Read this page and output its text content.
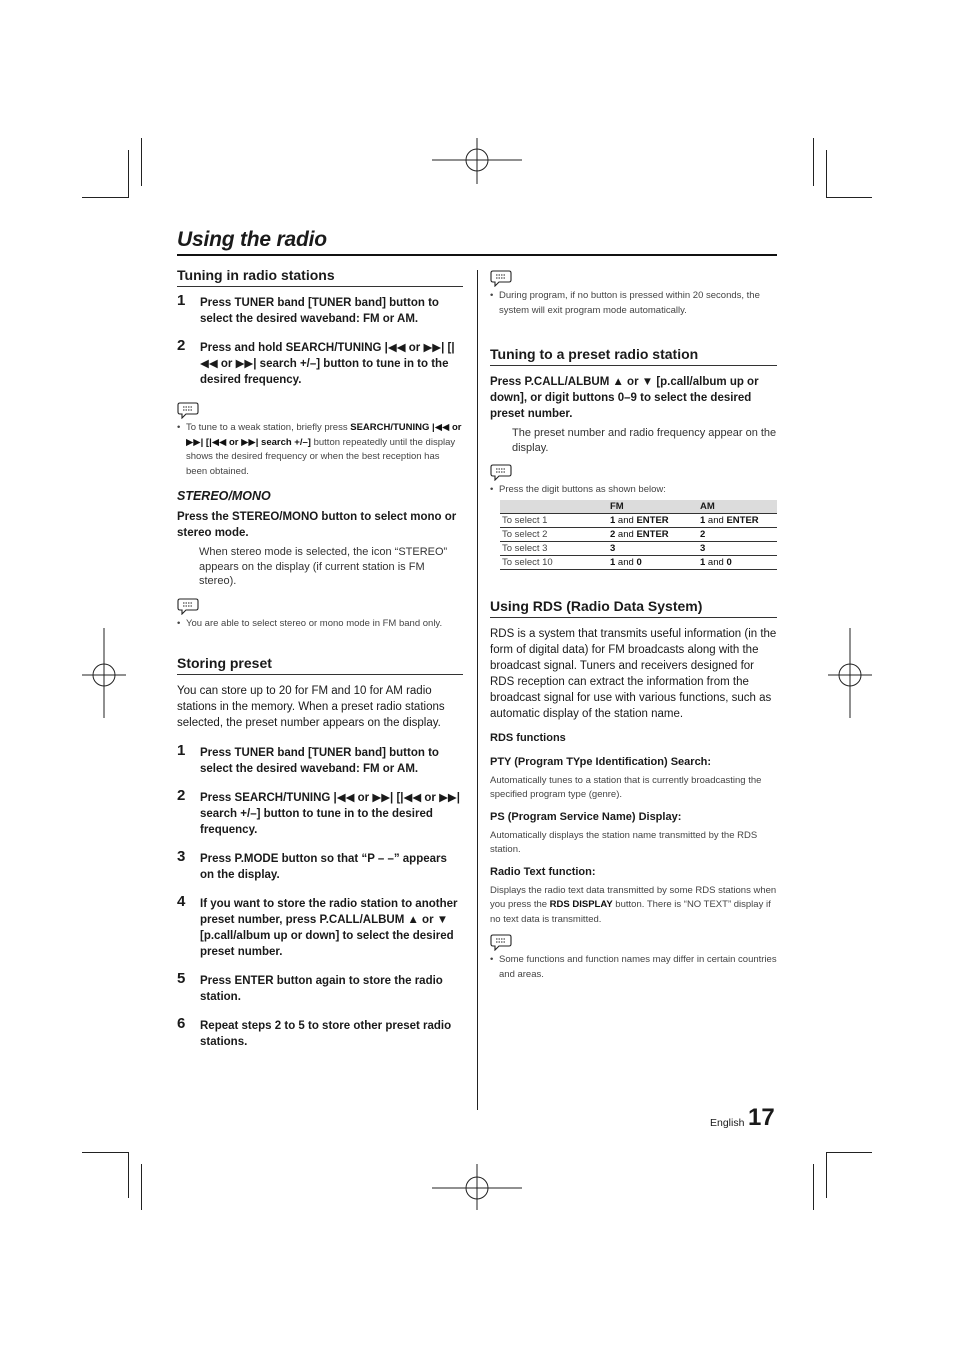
Using the radio
Tuning in radio stations
1 Press TUNER band [TUNER band] button to select the desired waveband: FM or AM.
2 Press and hold SEARCH/TUNING |◀◀ or ▶▶| [|◀◀ or ▶▶| search +/–] button to tune in to the desired frequency.
• To tune to a weak station, briefly press SEARCH/TUNING |◀◀ or ▶▶| [|◀◀ or ▶▶| search +/–] button repeatedly until the display shows the desired frequency or when the best reception has been obtained.
STEREO/MONO
Press the STEREO/MONO button to select mono or stereo mode.
When stereo mode is selected, the icon “STEREO” appears on the display (if current station is FM stereo).
• You are able to select stereo or mono mode in FM band only.
Storing preset
You can store up to 20 for FM and 10 for AM radio stations in the memory. When a preset radio stations selected, the preset number appears on the display.
1 Press TUNER band [TUNER band] button to select the desired waveband: FM or AM.
2 Press SEARCH/TUNING |◀◀ or ▶▶| [|◀◀ or ▶▶| search +/–] button to tune in to the desired frequency.
3 Press P.MODE button so that “P – –” appears on the display.
4 If you want to store the radio station to another preset number, press P.CALL/ALBUM ▲ or ▼ [p.call/album up or down] to select the desired preset number.
5 Press ENTER button again to store the radio station.
6 Repeat steps 2 to 5 to store other preset radio stations.
• During program, if no button is pressed within 20 seconds, the system will exit program mode automatically.
Tuning to a preset radio station
Press P.CALL/ALBUM ▲ or ▼ [p.call/album up or down], or digit buttons 0–9 to select the desired preset number.
The preset number and radio frequency appear on the display.
• Press the digit buttons as shown below:
	FM	AM
To select 1	1 and ENTER	1 and ENTER
To select 2	2 and ENTER	2
To select 3	3	3
To select 10	1 and 0	1 and 0
Using RDS (Radio Data System)
RDS is a system that transmits useful information (in the form of digital data) for FM broadcasts along with the broadcast signal. Tuners and receivers designed for RDS reception can extract the information from the broadcast signal for use with various functions, such as automatic display of the station name.
RDS functions
PTY (Program TYpe Identification) Search:
Automatically tunes to a station that is currently broadcasting the specified program type (genre).
PS (Program Service Name) Display:
Automatically displays the station name transmitted by the RDS station.
Radio Text function:
Displays the radio text data transmitted by some RDS stations when you press the RDS DISPLAY button. There is “NO TEXT” display if no text data is transmitted.
• Some functions and function names may differ in certain countries and areas.
English 17
